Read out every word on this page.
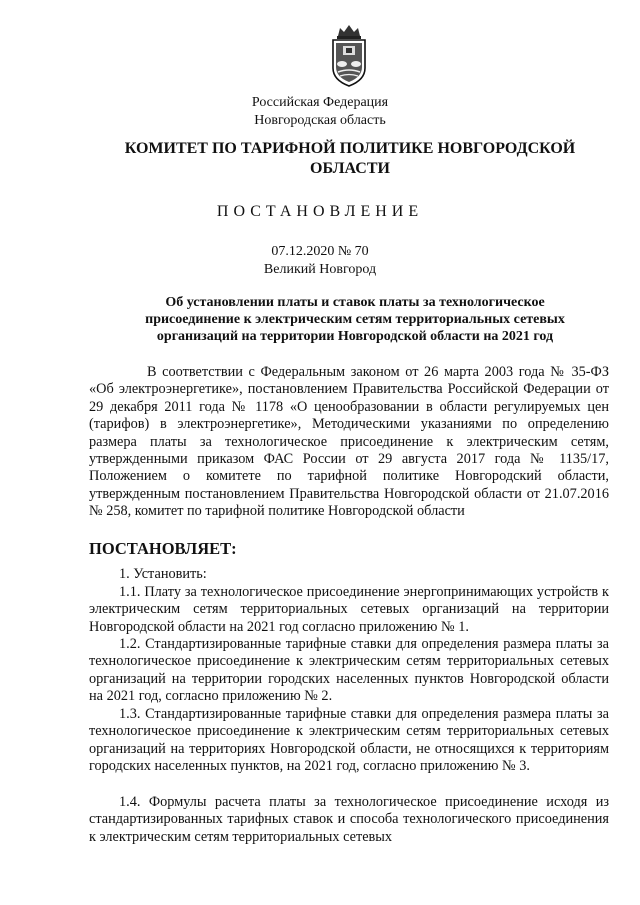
Российская Федерация
Новгородская область
КОМИТЕТ ПО ТАРИФНОЙ ПОЛИТИКЕ НОВГОРОДСКОЙ ОБЛАСТИ
ПОСТАНОВЛЕНИЕ
07.12.2020 № 70
Великий Новгород
Об установлении платы и ставок платы за технологическое присоединение к электрическим сетям территориальных сетевых организаций на территории Новгородской области на 2021 год

В соответствии с Федеральным законом от 26 марта 2003 года № 35-ФЗ «Об электроэнергетике», постановлением Правительства Российской Федерации от 29 декабря 2011 года № 1178 «О ценообразовании в области регулируемых цен (тарифов) в электроэнергетике», Методическими указаниями по определению размера платы за технологическое присоединение к электрическим сетям, утвержденными приказом ФАС России от 29 августа 2017 года № 1135/17, Положением о комитете по тарифной политике Новгородский области, утвержденным постановлением Правительства Новгородской области от 21.07.2016 № 258, комитет по тарифной политике Новгородской области

ПОСТАНОВЛЯЕТ:

1. Установить:

1.1. Плату за технологическое присоединение энергопринимающих устройств к электрическим сетям территориальных сетевых организаций на территории Новгородской области на 2021 год согласно приложению № 1.

1.2. Стандартизированные тарифные ставки для определения размера платы за технологическое присоединение к электрическим сетям территориальных сетевых организаций на территории городских населенных пунктов Новгородской области на 2021 год, согласно приложению № 2.

1.3. Стандартизированные тарифные ставки для определения размера платы за технологическое присоединение к электрическим сетям территориальных сетевых организаций на территориях Новгородской области, не относящихся к территориям городских населенных пунктов, на 2021 год, согласно приложению № 3.

1.4. Формулы расчета платы за технологическое присоединение исходя из стандартизированных тарифных ставок и способа технологического присоединения к электрическим сетям территориальных сетевых
